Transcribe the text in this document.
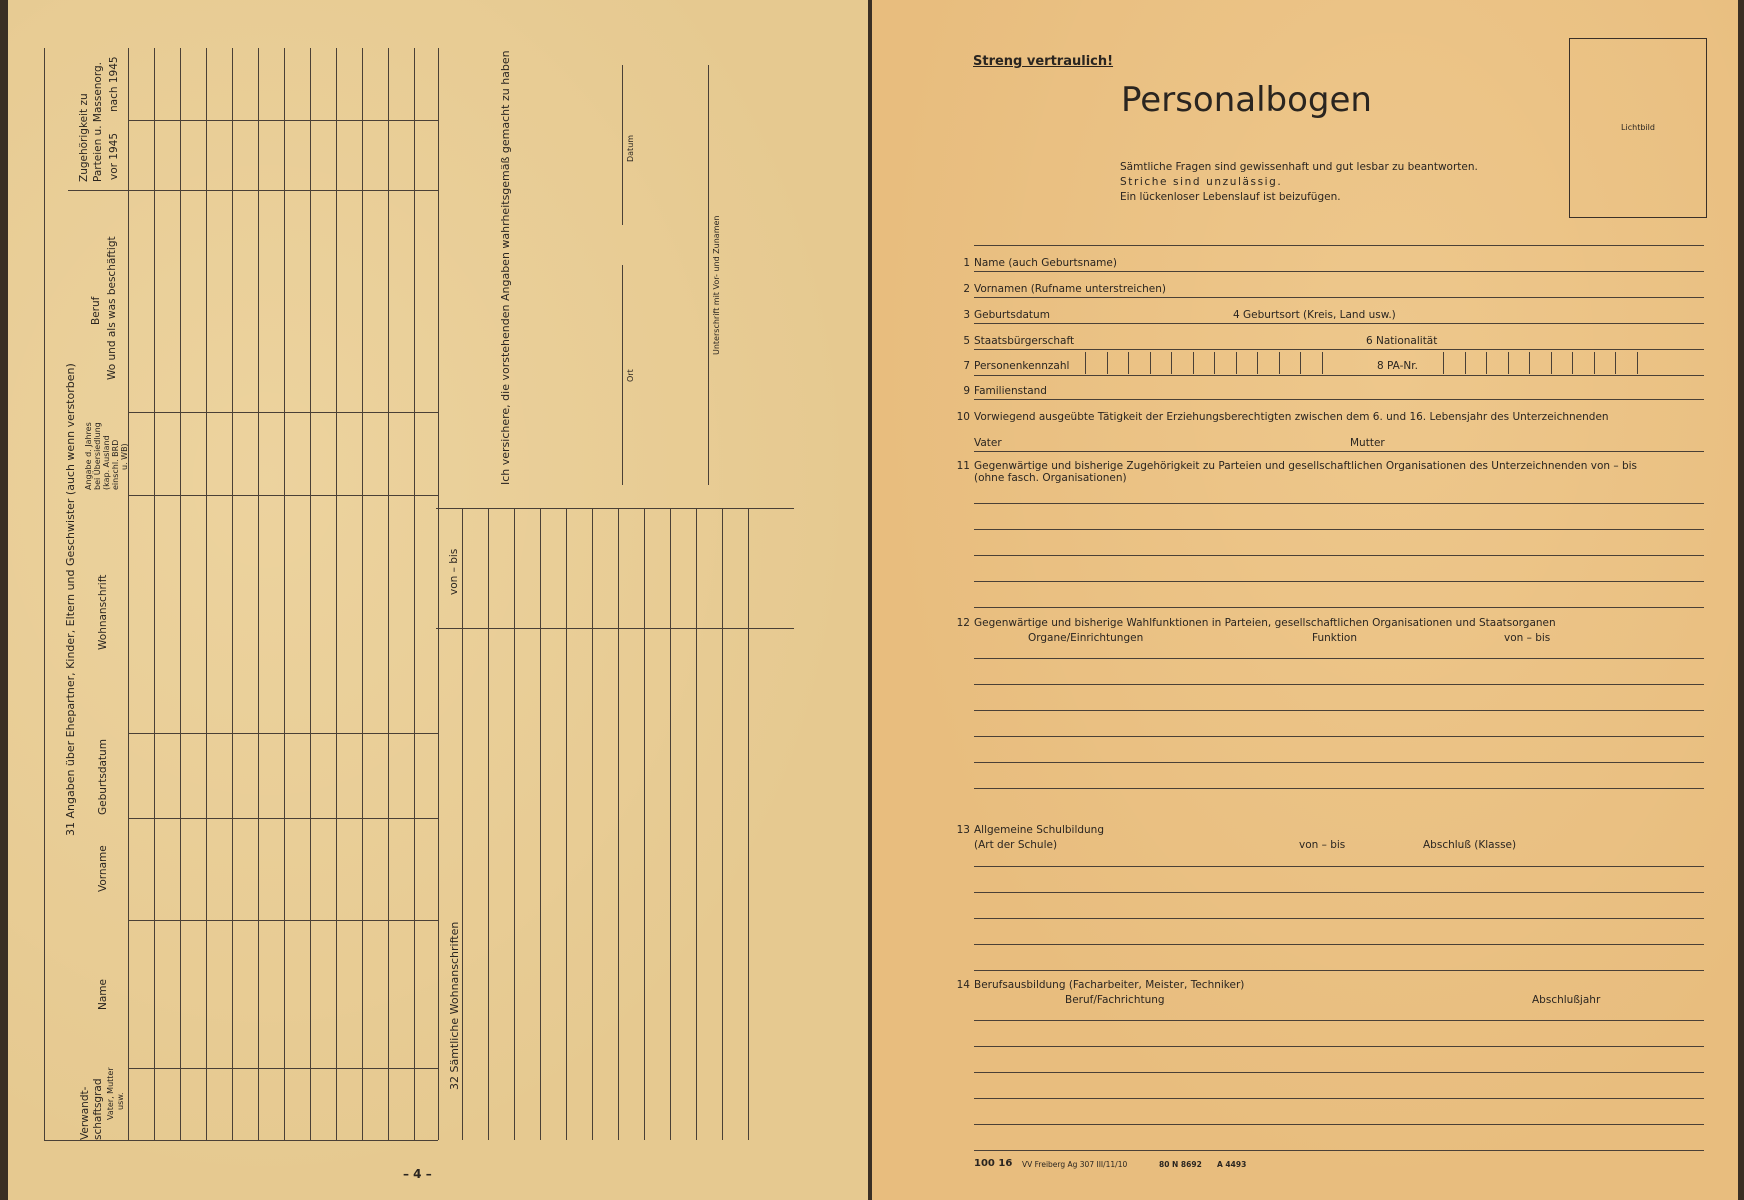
31 Angaben über Ehepartner, Kinder, Eltern und Geschwister (auch wenn verstorben)
Verwandt- schaftsgrad Vater, Mutter usw.
Name
Vorname
Geburtsdatum
Wohnanschrift
Angabe d. Jahres bei Übersiedlung (kap. Ausland einschl. BRD u. WB)
Beruf Wo und als was beschäftigt
Zugehörigkeit zu Parteien u. Massenorg. vor 1945
nach 1945
32 Sämtliche Wohnanschriften
von – bis
Ich versichere, die vorstehenden Angaben wahrheitsgemäß gemacht zu haben	Datum
Ort
Unterschrift mit Vor- und Zunamen
– 4 –
Streng vertraulich!
Personalbogen
Lichtbild
Sämtliche Fragen sind gewissenhaft und gut lesbar zu beantworten.
Striche sind unzulässig.
Ein lückenloser Lebenslauf ist beizufügen.
1 Name (auch Geburtsname)
2 Vornamen (Rufname unterstreichen)
3 Geburtsdatum	4 Geburtsort (Kreis, Land usw.)
5 Staatsbürgerschaft	6 Nationalität
7 Personenkennzahl	8 PA-Nr.
9 Familienstand
10 Vorwiegend ausgeübte Tätigkeit der Erziehungsberechtigten zwischen dem 6. und 16. Lebensjahr des Unterzeichnenden
Vater	Mutter
11 Gegenwärtige und bisherige Zugehörigkeit zu Parteien und gesellschaftlichen Organisationen des Unterzeichnenden von – bis
(ohne fasch. Organisationen)
12 Gegenwärtige und bisherige Wahlfunktionen in Parteien, gesellschaftlichen Organisationen und Staatsorganen
Organe/Einrichtungen	Funktion	von – bis
13 Allgemeine Schulbildung
(Art der Schule)	von – bis	Abschluß (Klasse)
14 Berufsausbildung (Facharbeiter, Meister, Techniker)
Beruf/Fachrichtung	Abschlußjahr
100 16 VV Freiberg Ag 307 III/11/10	80 N 8692 A 4493
